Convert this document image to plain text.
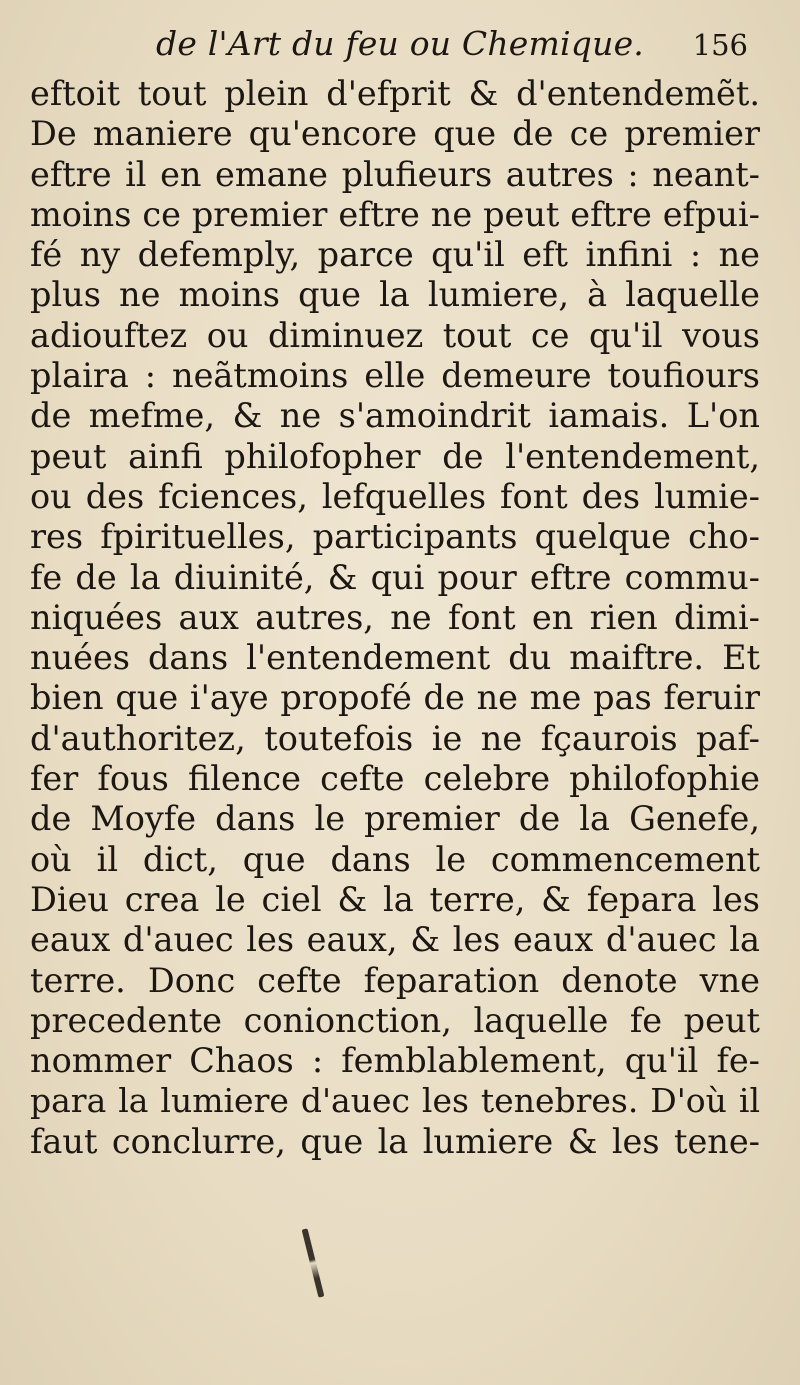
de l'Art du feu ou Chemique.	156
eftoit tout plein d'efprit & d'entendemẽt.
De maniere qu'encore que de ce premier
eftre il en emane plufieurs autres : neant-
moins ce premier eftre ne peut eftre efpui-
fé ny defemply, parce qu'il eft infini : ne
plus ne moins que la lumiere, à laquelle
adiouftez ou diminuez tout ce qu'il vous
plaira : neãtmoins elle demeure toufiours
de mefme, & ne s'amoindrit iamais. L'on
peut ainfi philofopher de l'entendement,
ou des fciences, lefquelles font des lumie-
res fpirituelles, participants quelque cho-
fe de la diuinité, & qui pour eftre commu-
niquées aux autres, ne font en rien dimi-
nuées dans l'entendement du maiftre. Et
bien que i'aye propofé de ne me pas feruir
d'authoritez, toutefois ie ne fçaurois paf-
fer fous filence cefte celebre philofophie
de Moyfe dans le premier de la Genefe,
où il dict, que dans le commencement
Dieu crea le ciel & la terre, & fepara les
eaux d'auec les eaux, & les eaux d'auec la
terre. Donc cefte feparation denote vne
precedente conionction, laquelle fe peut
nommer Chaos : femblablement, qu'il fe-
para la lumiere d'auec les tenebres. D'où il
faut conclurre, que la lumiere & les tene-
